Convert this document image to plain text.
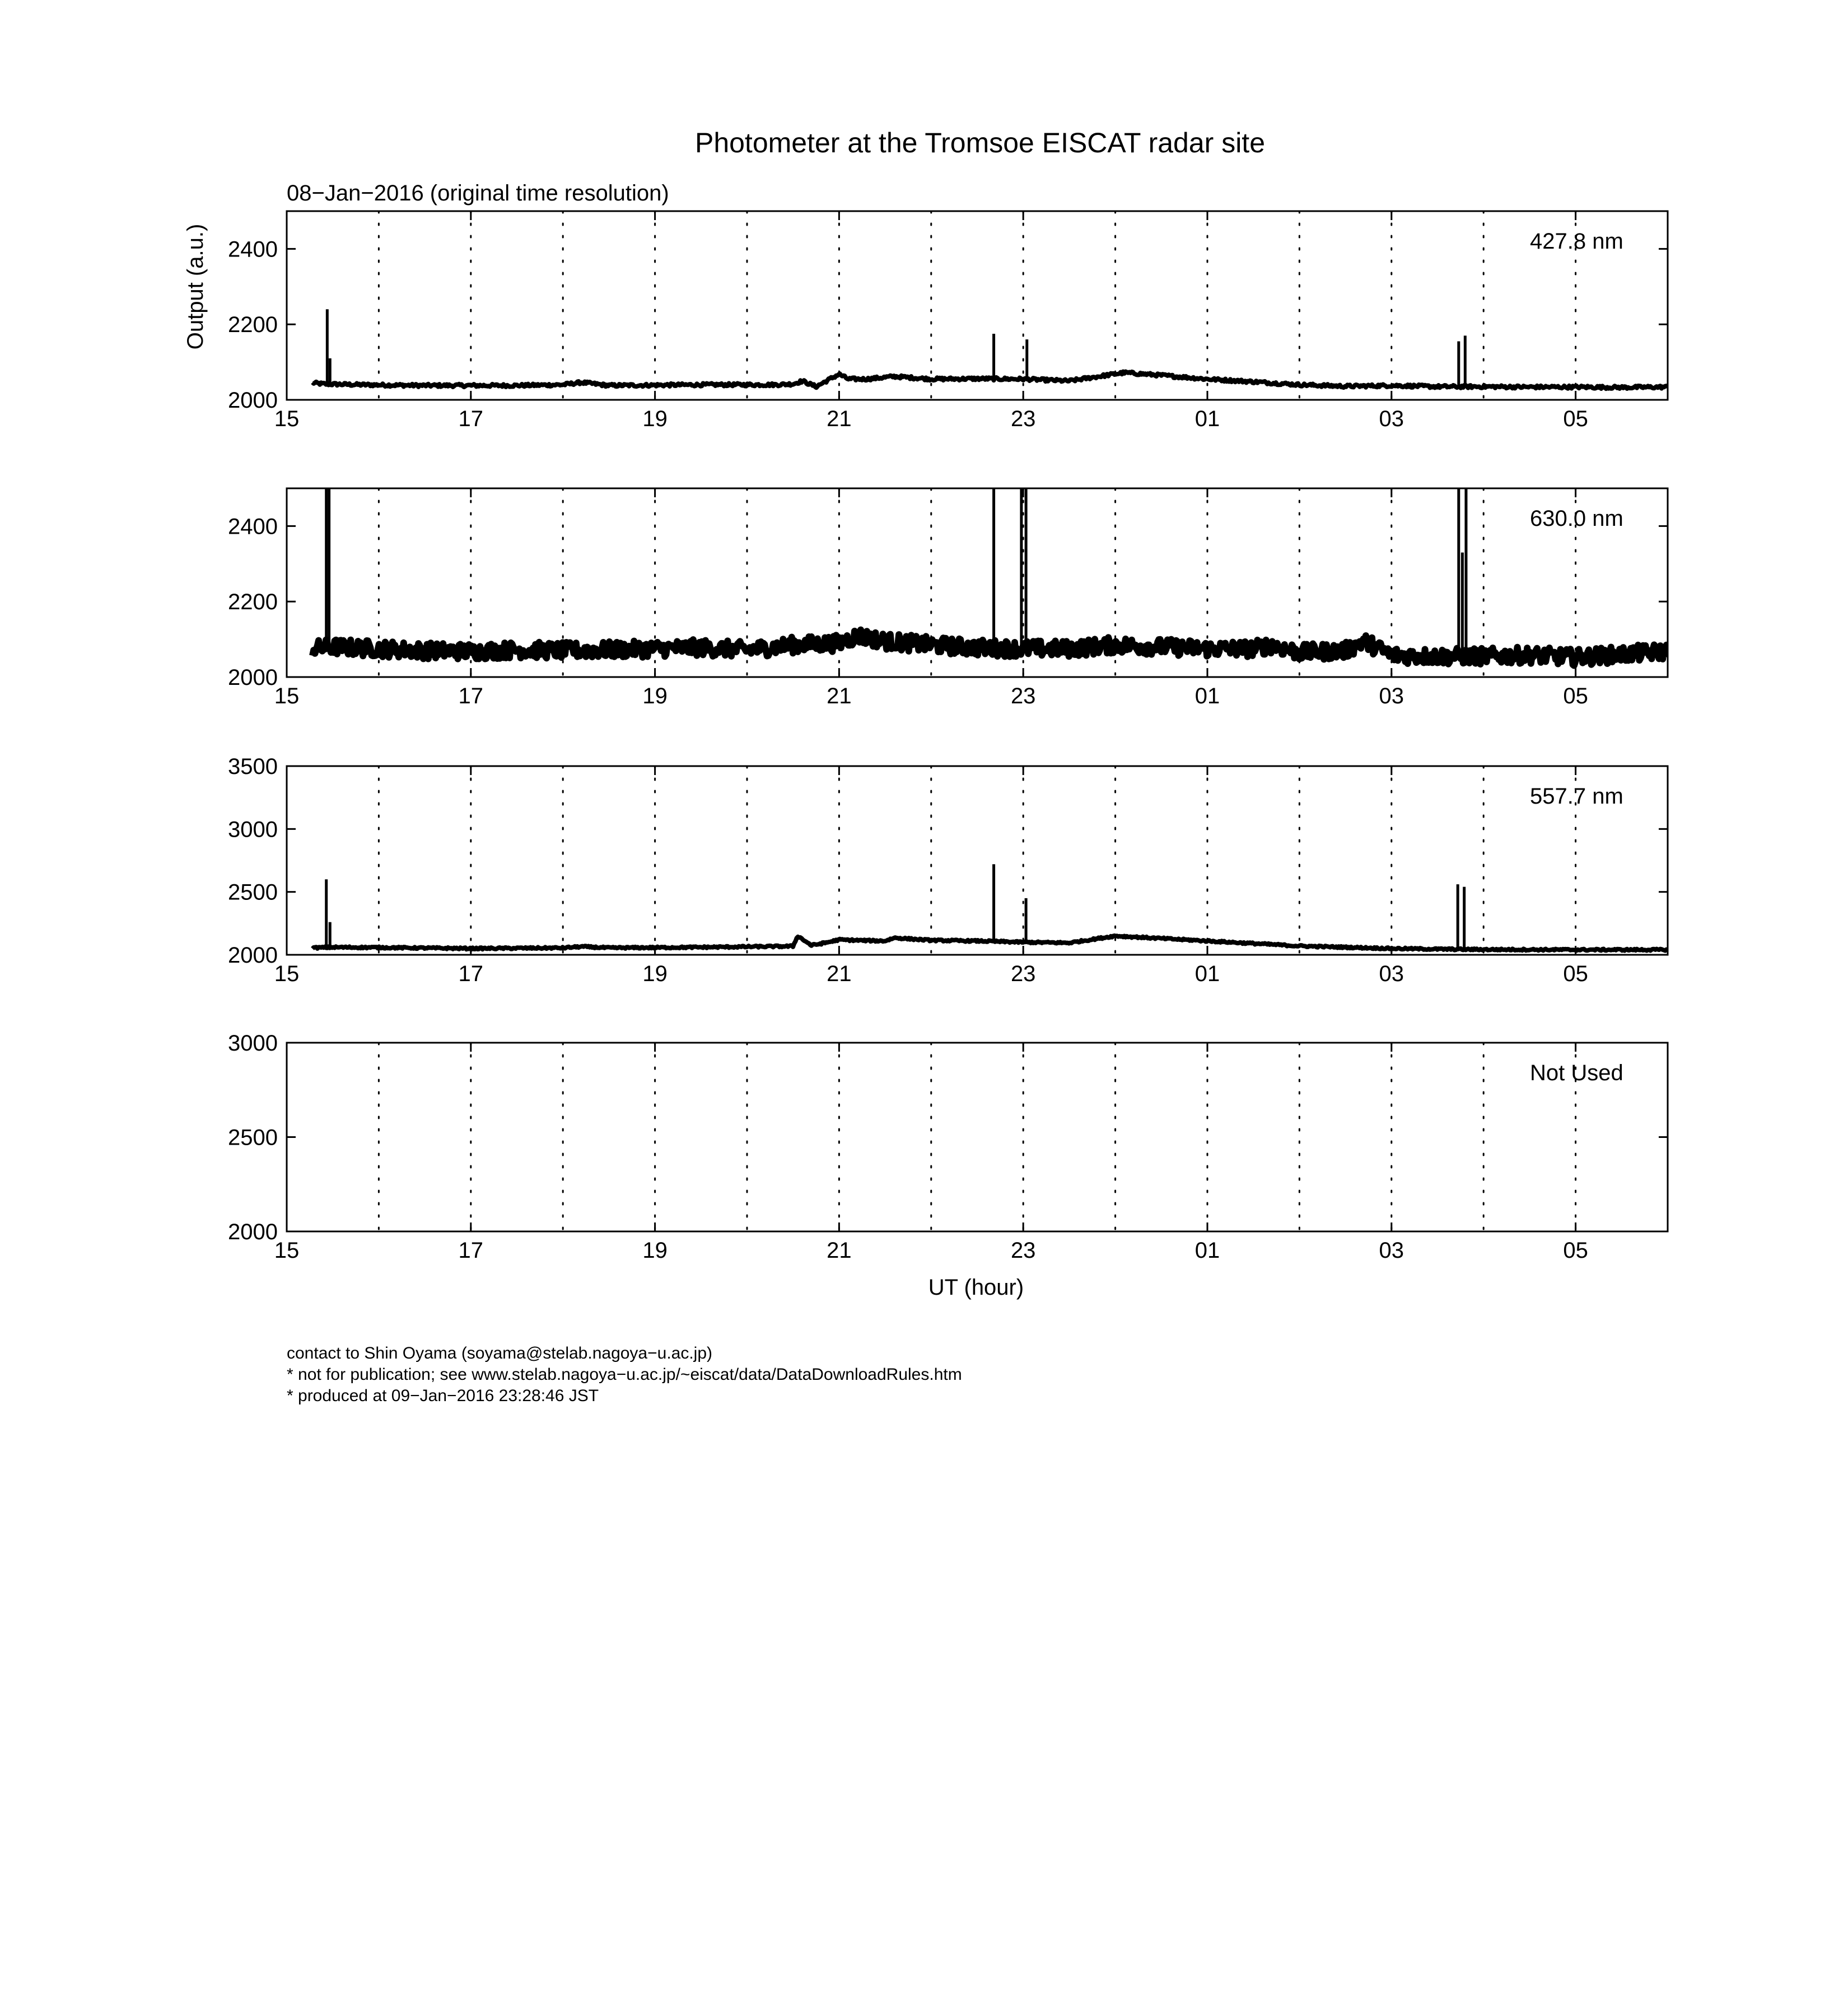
Photometer at the Tromsoe EISCAT radar site
08−Jan−2016 (original time resolution)
Output (a.u.)
UT (hour)
15	17	19	21	23	01	03	05
2000
2200
2400	427.8 nm
15	17	19	21	23	01	03	05
2000
2200
2400	630.0 nm
15	17	19	21	23	01	03	05
2000
2500
3000
3500
557.7 nm
15	17	19	21	23	01	03	05
2000
2500
3000
Not Used
contact to Shin Oyama (soyama@stelab.nagoya−u.ac.jp)
* not for publication; see www.stelab.nagoya−u.ac.jp/~eiscat/data/DataDownloadRules.htm
* produced at 09−Jan−2016 23:28:46 JST
